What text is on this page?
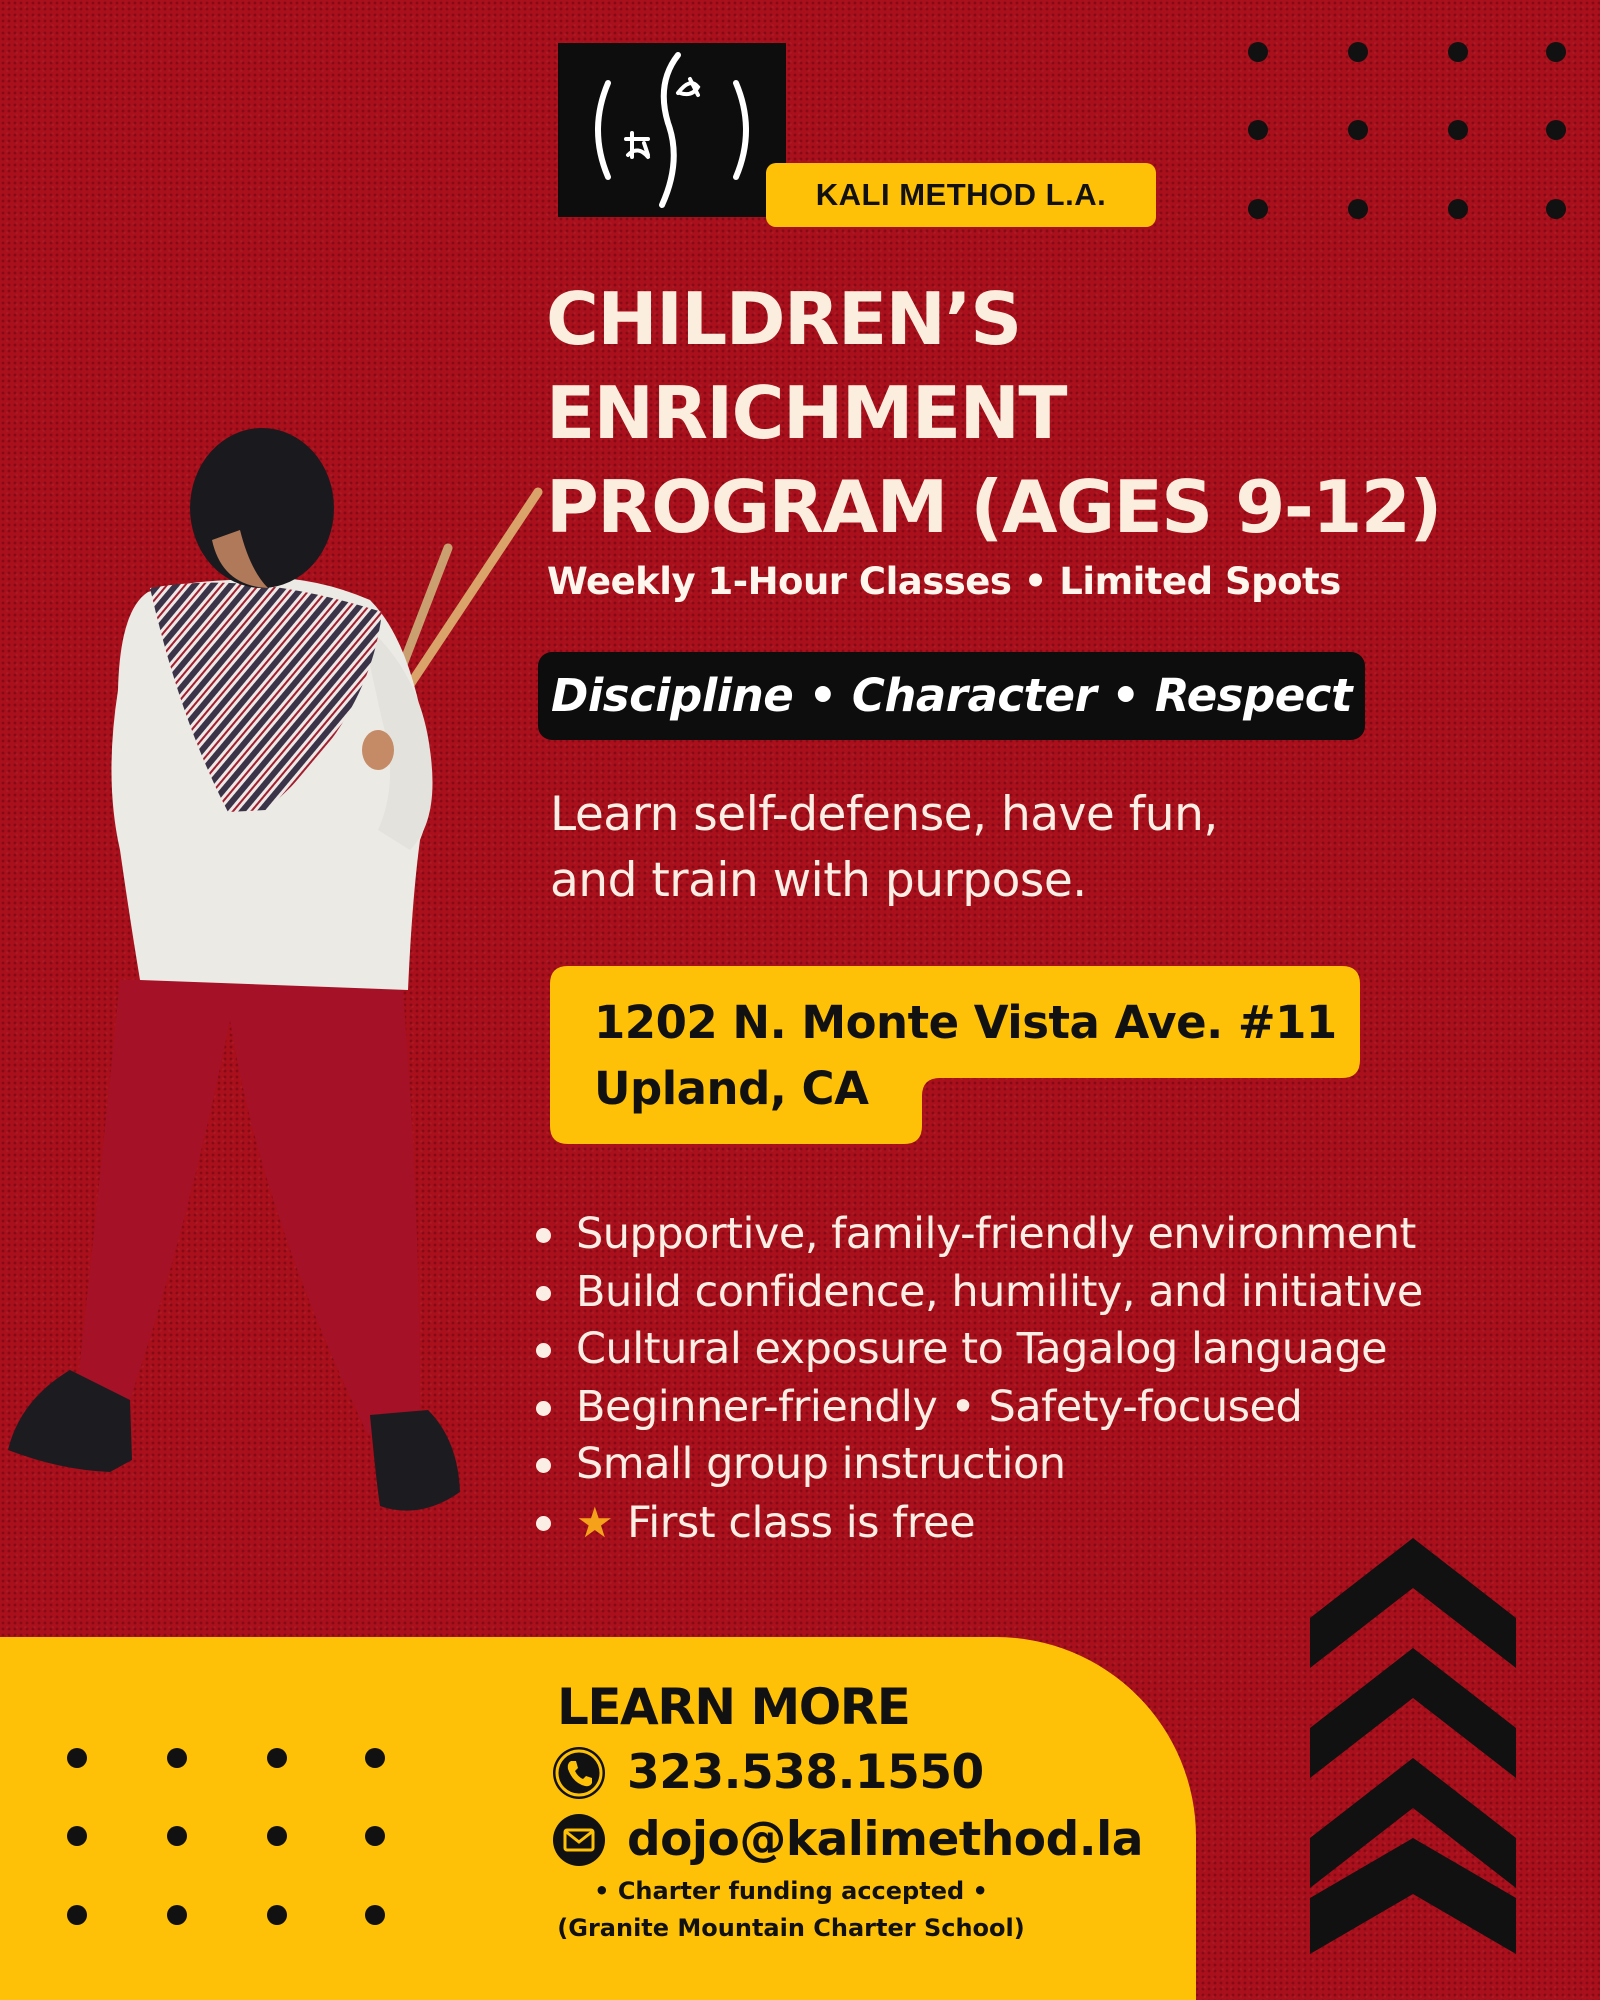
KALI METHOD L.A.
CHILDREN’S
ENRICHMENT
PROGRAM (AGES 9-12)
Weekly 1-Hour Classes • Limited Spots
Discipline • Character • Respect
Learn self-defense, have fun,
and train with purpose.
1202 N. Monte Vista Ave. #11
Upland, CA
Supportive, family-friendly environment
Build confidence, humility, and initiative
Cultural exposure to Tagalog language
Beginner-friendly • Safety-focused
Small group instruction
★ First class is free
LEARN MORE
323.538.1550
dojo@kalimethod.la
• Charter funding accepted •
(Granite Mountain Charter School)
